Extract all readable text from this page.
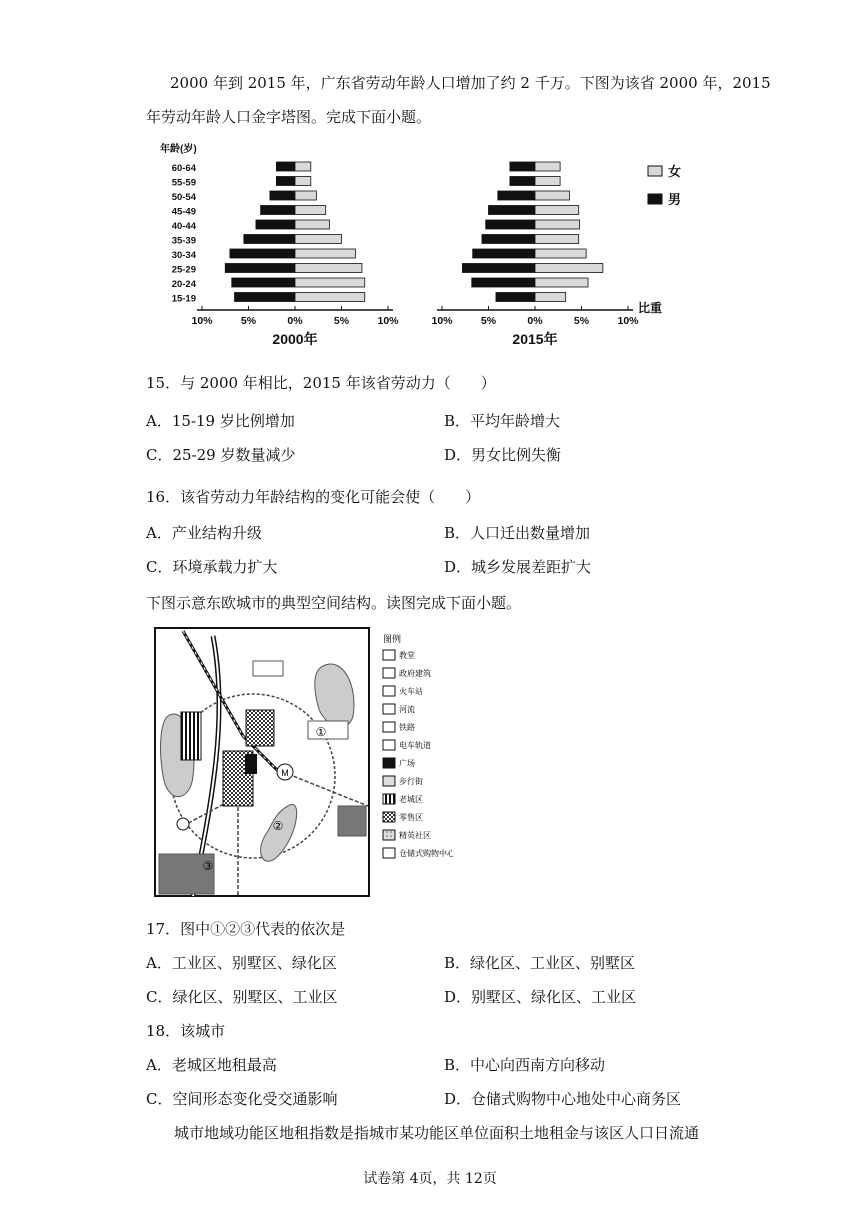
2000 年到 2015 年，广东省劳动年龄人口增加了约 2 千万。下图为该省 2000 年，2015
年劳动年龄人口金字塔图。完成下面小题。
年龄(岁)
60-64
55-59
50-54
45-49
40-44
35-39
30-34
25-29
20-24
15-19
10%	5%	0%	5%	10%
2000年
10%	5%	0%	5%	10%
2015年
比重
女
男
15．与 2000 年相比，2015 年该省劳动力（　　）
A．15-19 岁比例增加	B．平均年龄增大
C．25-29 岁数量减少	D．男女比例失衡
16．该省劳动力年龄结构的变化可能会使（　　）
A．产业结构升级	B．人口迁出数量增加
C．环境承载力扩大	D．城乡发展差距扩大
下图示意东欧城市的典型空间结构。读图完成下面小题。
M
①
②
③
图例
教堂
政府建筑
火车站
河流
铁路
电车轨道
广场
步行街
老城区
零售区
精英社区
仓储式购物中心
17．图中①②③代表的依次是
A．工业区、别墅区、绿化区	B．绿化区、工业区、别墅区
C．绿化区、别墅区、工业区	D．别墅区、绿化区、工业区
18．该城市
A．老城区地租最高	B．中心向西南方向移动
C．空间形态变化受交通影响	D．仓储式购物中心地处中心商务区
城市地域功能区地租指数是指城市某功能区单位面积土地租金与该区人口日流通
试卷第 4页，共 12页
